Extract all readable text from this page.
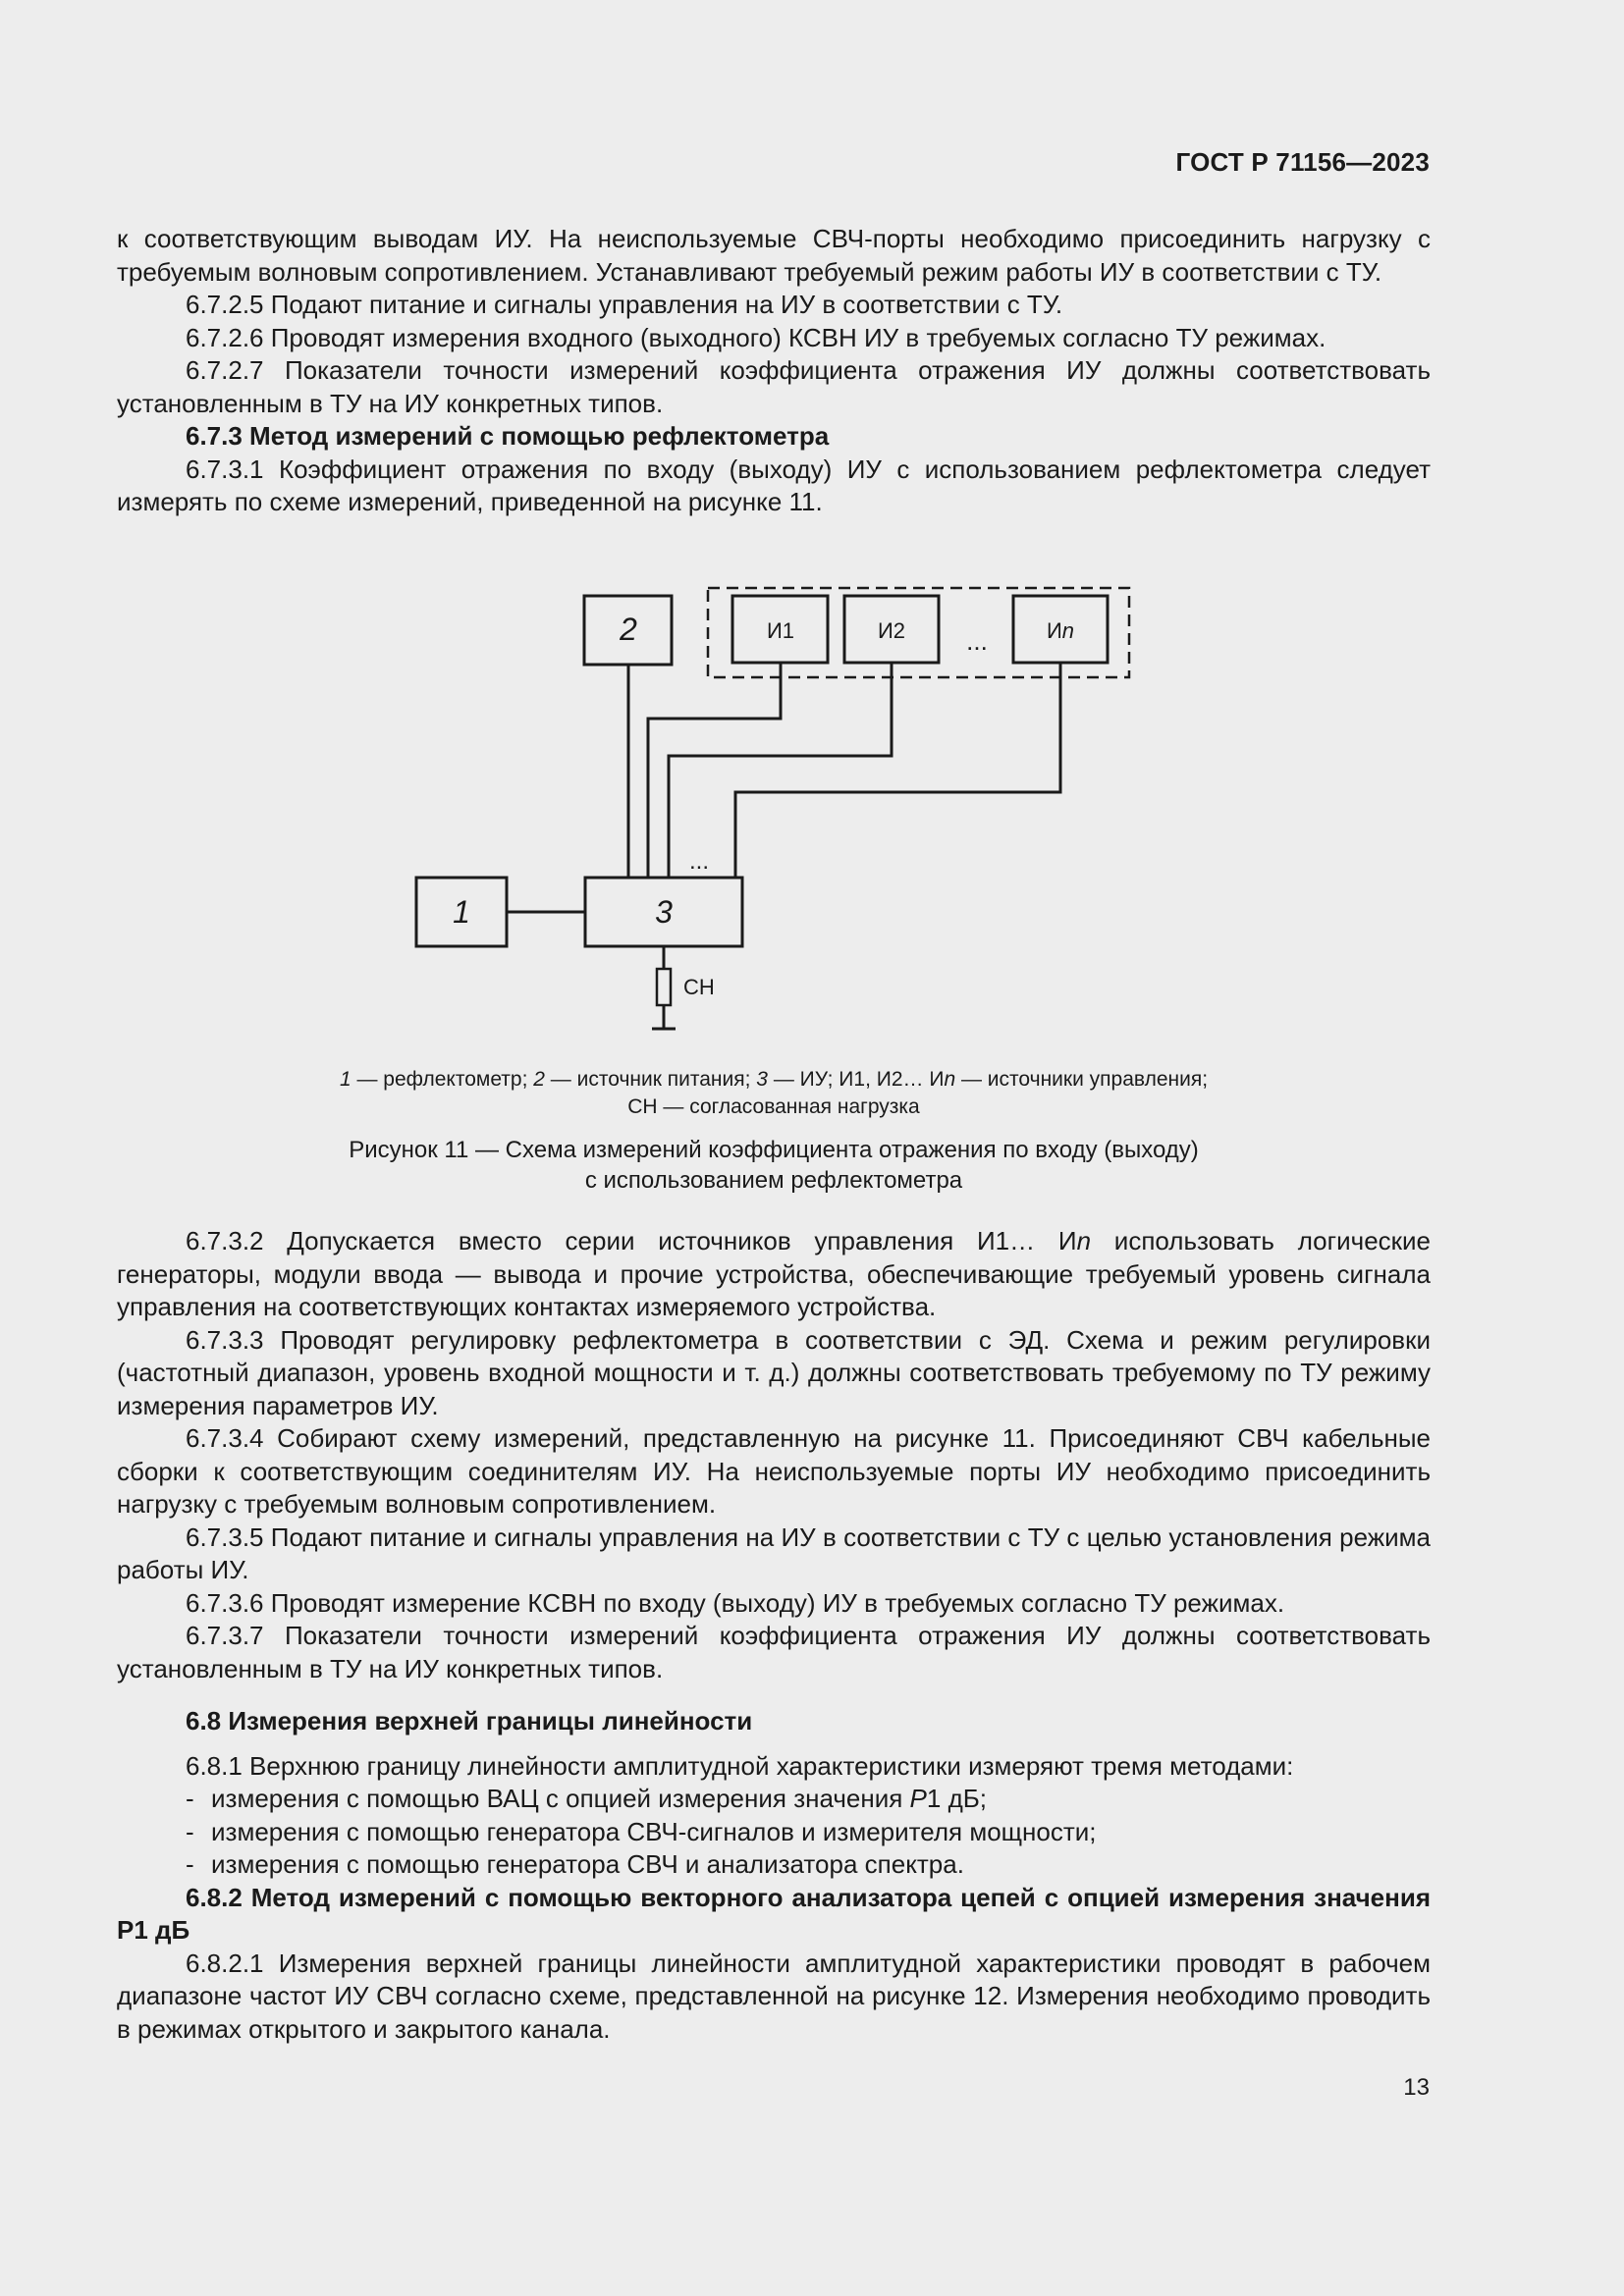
ГОСТ Р 71156—2023

к соответствующим выводам ИУ. На неиспользуемые СВЧ-порты необходимо присоединить нагрузку с требуемым волновым сопротивлением. Устанавливают требуемый режим работы ИУ в соответствии с ТУ.

6.7.2.5 Подают питание и сигналы управления на ИУ в соответствии с ТУ.

6.7.2.6 Проводят измерения входного (выходного) КСВН ИУ в требуемых согласно ТУ режимах.

6.7.2.7 Показатели точности измерений коэффициента отражения ИУ должны соответствовать установленным в ТУ на ИУ конкретных типов.

6.7.3 Метод измерений с помощью рефлектометра

6.7.3.1 Коэффициент отражения по входу (выходу) ИУ с использованием рефлектометра следует измерять по схеме измерений, приведенной на рисунке 11.

2	И1	И2	Иn
...
...
1	3
СН
1 — рефлектометр; 2 — источник питания; 3 — ИУ; И1, И2… Иn — источники управления;
СН — согласованная нагрузка
Рисунок 11 — Схема измерений коэффициента отражения по входу (выходу)
с использованием рефлектометра

6.7.3.2 Допускается вместо серии источников управления И1… Иn использовать логические генераторы, модули ввода — вывода и прочие устройства, обеспечивающие требуемый уровень сигнала управления на соответствующих контактах измеряемого устройства.

6.7.3.3 Проводят регулировку рефлектометра в соответствии с ЭД. Схема и режим регулировки (частотный диапазон, уровень входной мощности и т. д.) должны соответствовать требуемому по ТУ режиму измерения параметров ИУ.

6.7.3.4 Собирают схему измерений, представленную на рисунке 11. Присоединяют СВЧ кабельные сборки к соответствующим соединителям ИУ. На неиспользуемые порты ИУ необходимо присоединить нагрузку с требуемым волновым сопротивлением.

6.7.3.5 Подают питание и сигналы управления на ИУ в соответствии с ТУ с целью установления режима работы ИУ.

6.7.3.6 Проводят измерение КСВН по входу (выходу) ИУ в требуемых согласно ТУ режимах.

6.7.3.7 Показатели точности измерений коэффициента отражения ИУ должны соответствовать установленным в ТУ на ИУ конкретных типов.

6.8 Измерения верхней границы линейности

6.8.1 Верхнюю границу линейности амплитудной характеристики измеряют тремя методами:

- измерения с помощью ВАЦ с опцией измерения значения Р1 дБ;

- измерения с помощью генератора СВЧ-сигналов и измерителя мощности;

- измерения с помощью генератора СВЧ и анализатора спектра.

6.8.2 Метод измерений с помощью векторного анализатора цепей с опцией измерения значения Р1 дБ

6.8.2.1 Измерения верхней границы линейности амплитудной характеристики проводят в рабочем диапазоне частот ИУ СВЧ согласно схеме, представленной на рисунке 12. Измерения необходимо проводить в режимах открытого и закрытого канала.

13
